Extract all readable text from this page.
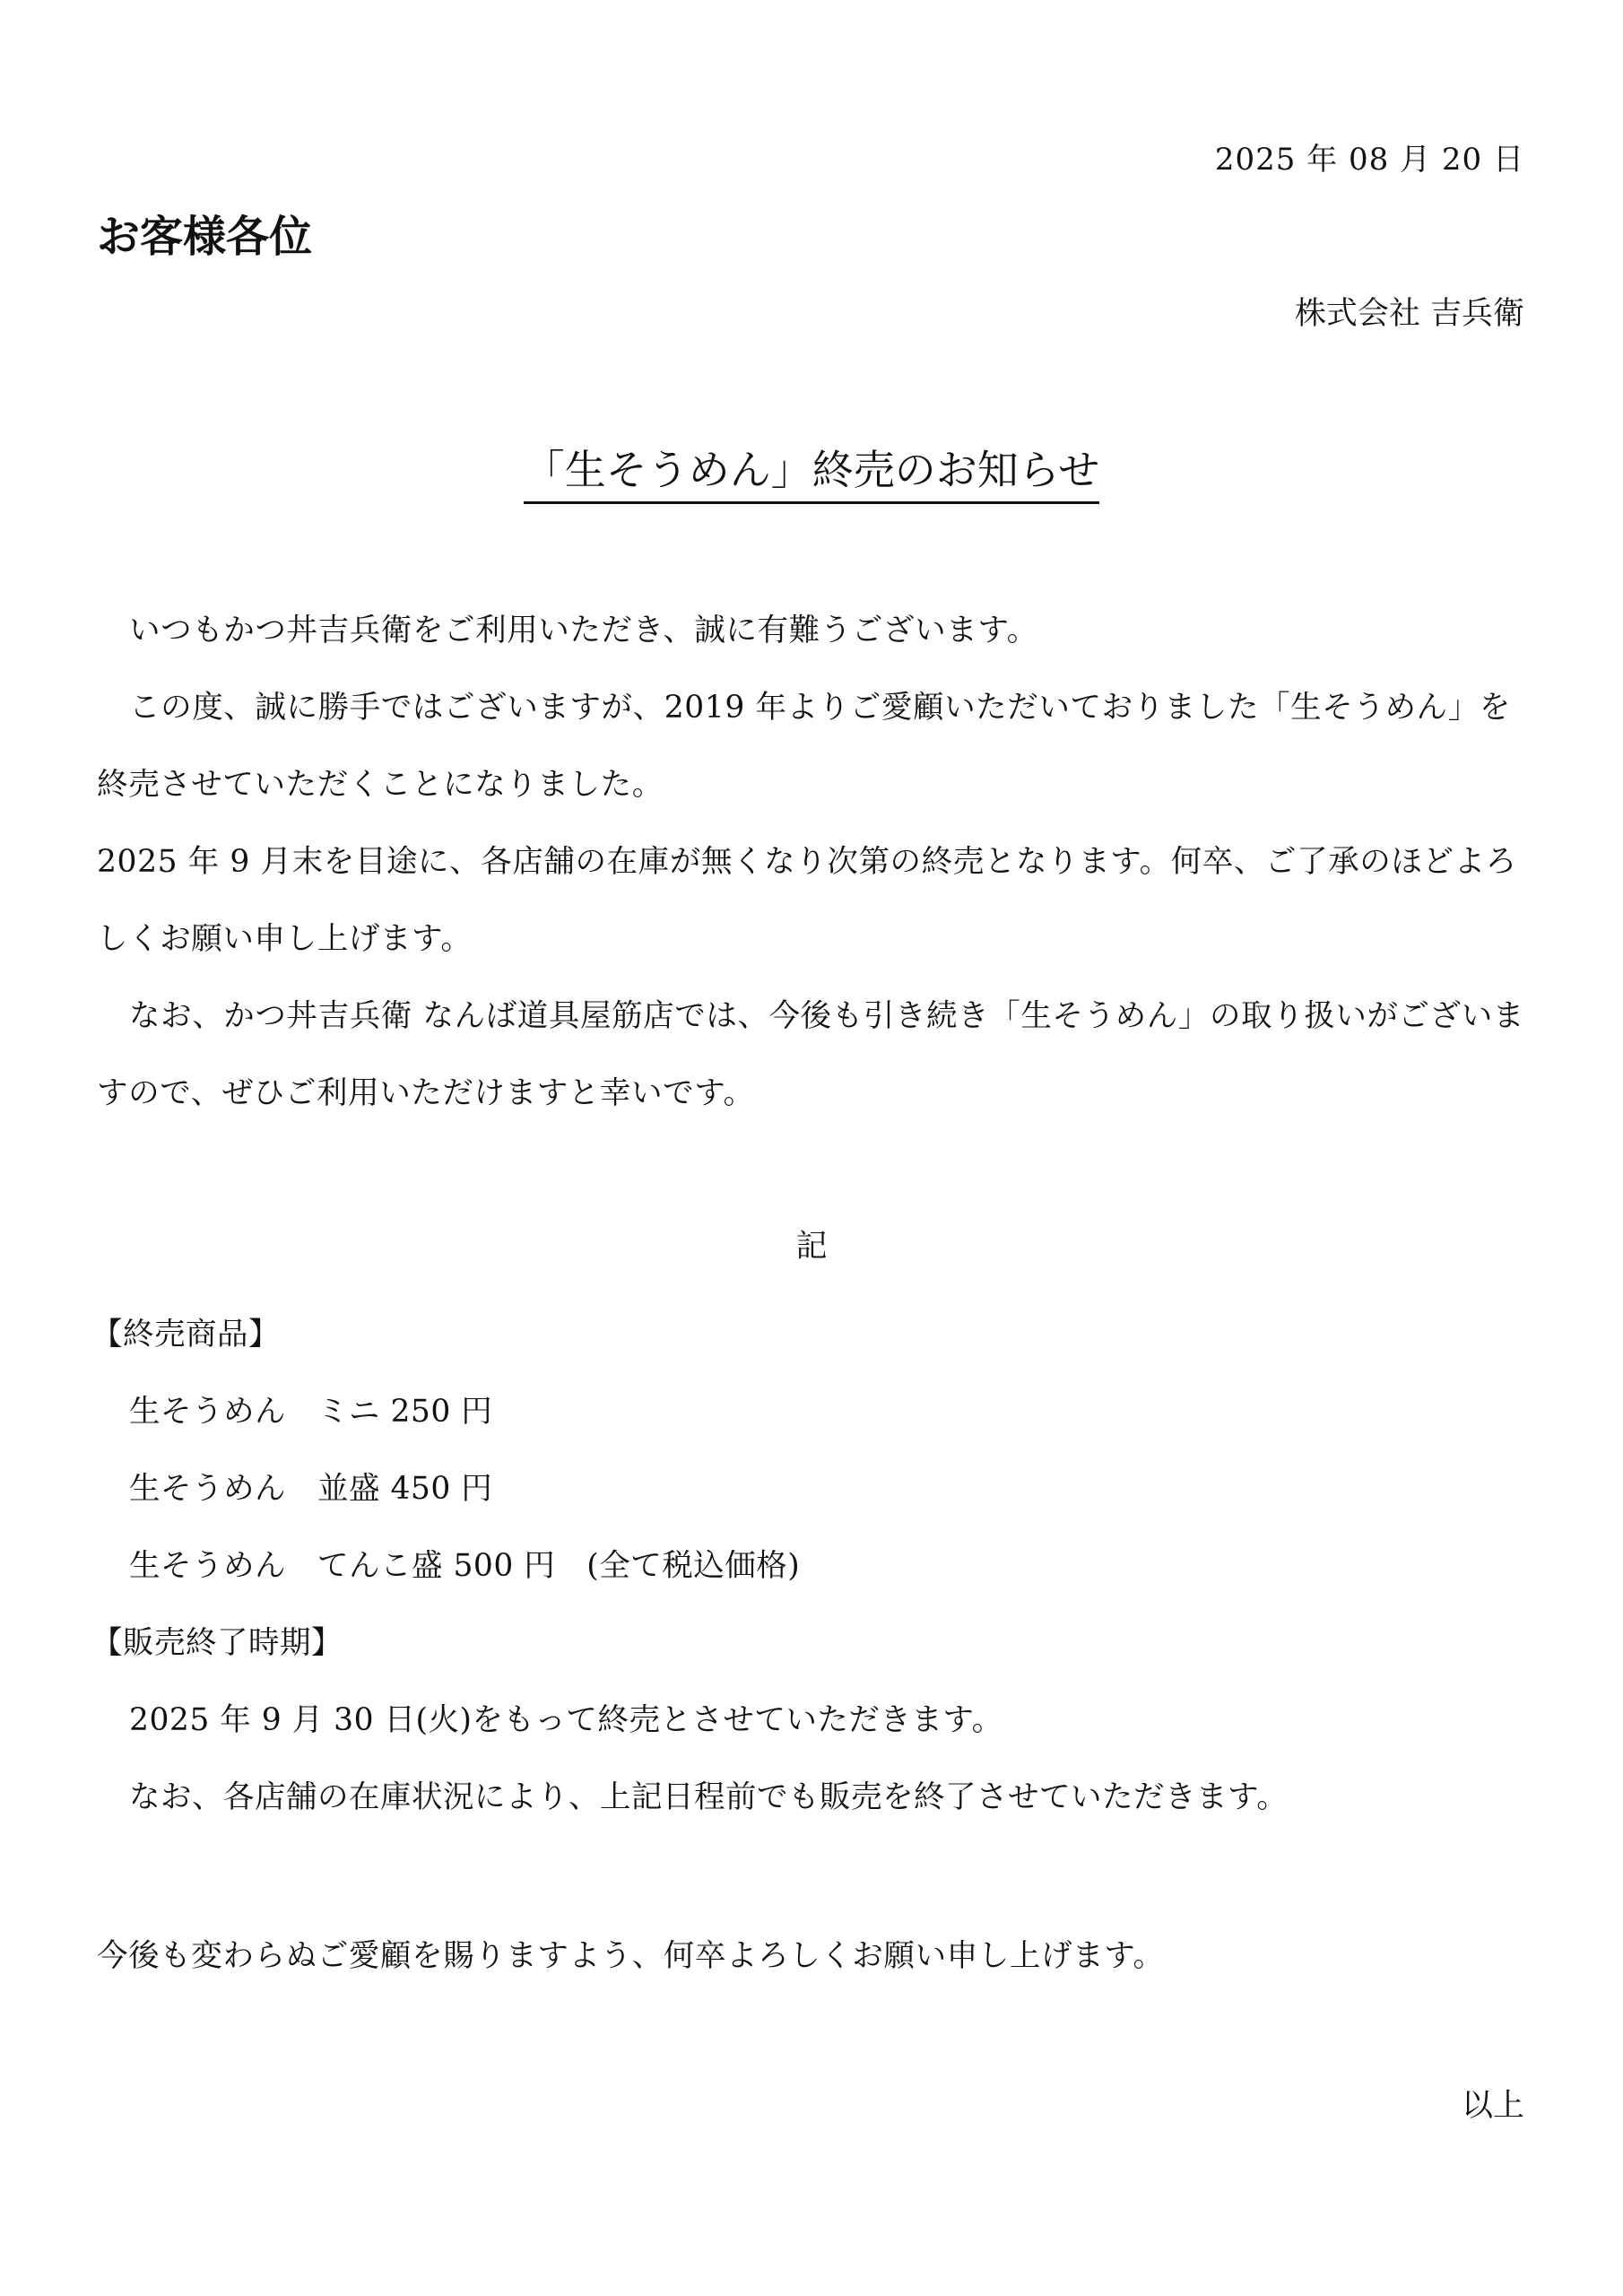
2025 年 08 月 20 日
お客様各位
株式会社 吉兵衛
「生そうめん」終売のお知らせ

いつもかつ丼吉兵衛をご利用いただき、誠に有難うございます。

この度、誠に勝手ではございますが、2019 年よりご愛顧いただいておりました「生そうめん」を終売させていただくことになりました。

2025 年 9 月末を目途に、各店舗の在庫が無くなり次第の終売となります。何卒、ご了承のほどよろしくお願い申し上げます。

なお、かつ丼吉兵衛 なんば道具屋筋店では、今後も引き続き「生そうめん」の取り扱いがございますので、ぜひご利用いただけますと幸いです。

記
【終売商品】
生そうめん　ミニ 250 円
生そうめん　並盛 450 円
生そうめん　てんこ盛 500 円　(全て税込価格)
【販売終了時期】
2025 年 9 月 30 日(火)をもって終売とさせていただきます。
なお、各店舗の在庫状況により、上記日程前でも販売を終了させていただきます。
今後も変わらぬご愛顧を賜りますよう、何卒よろしくお願い申し上げます。
以上
